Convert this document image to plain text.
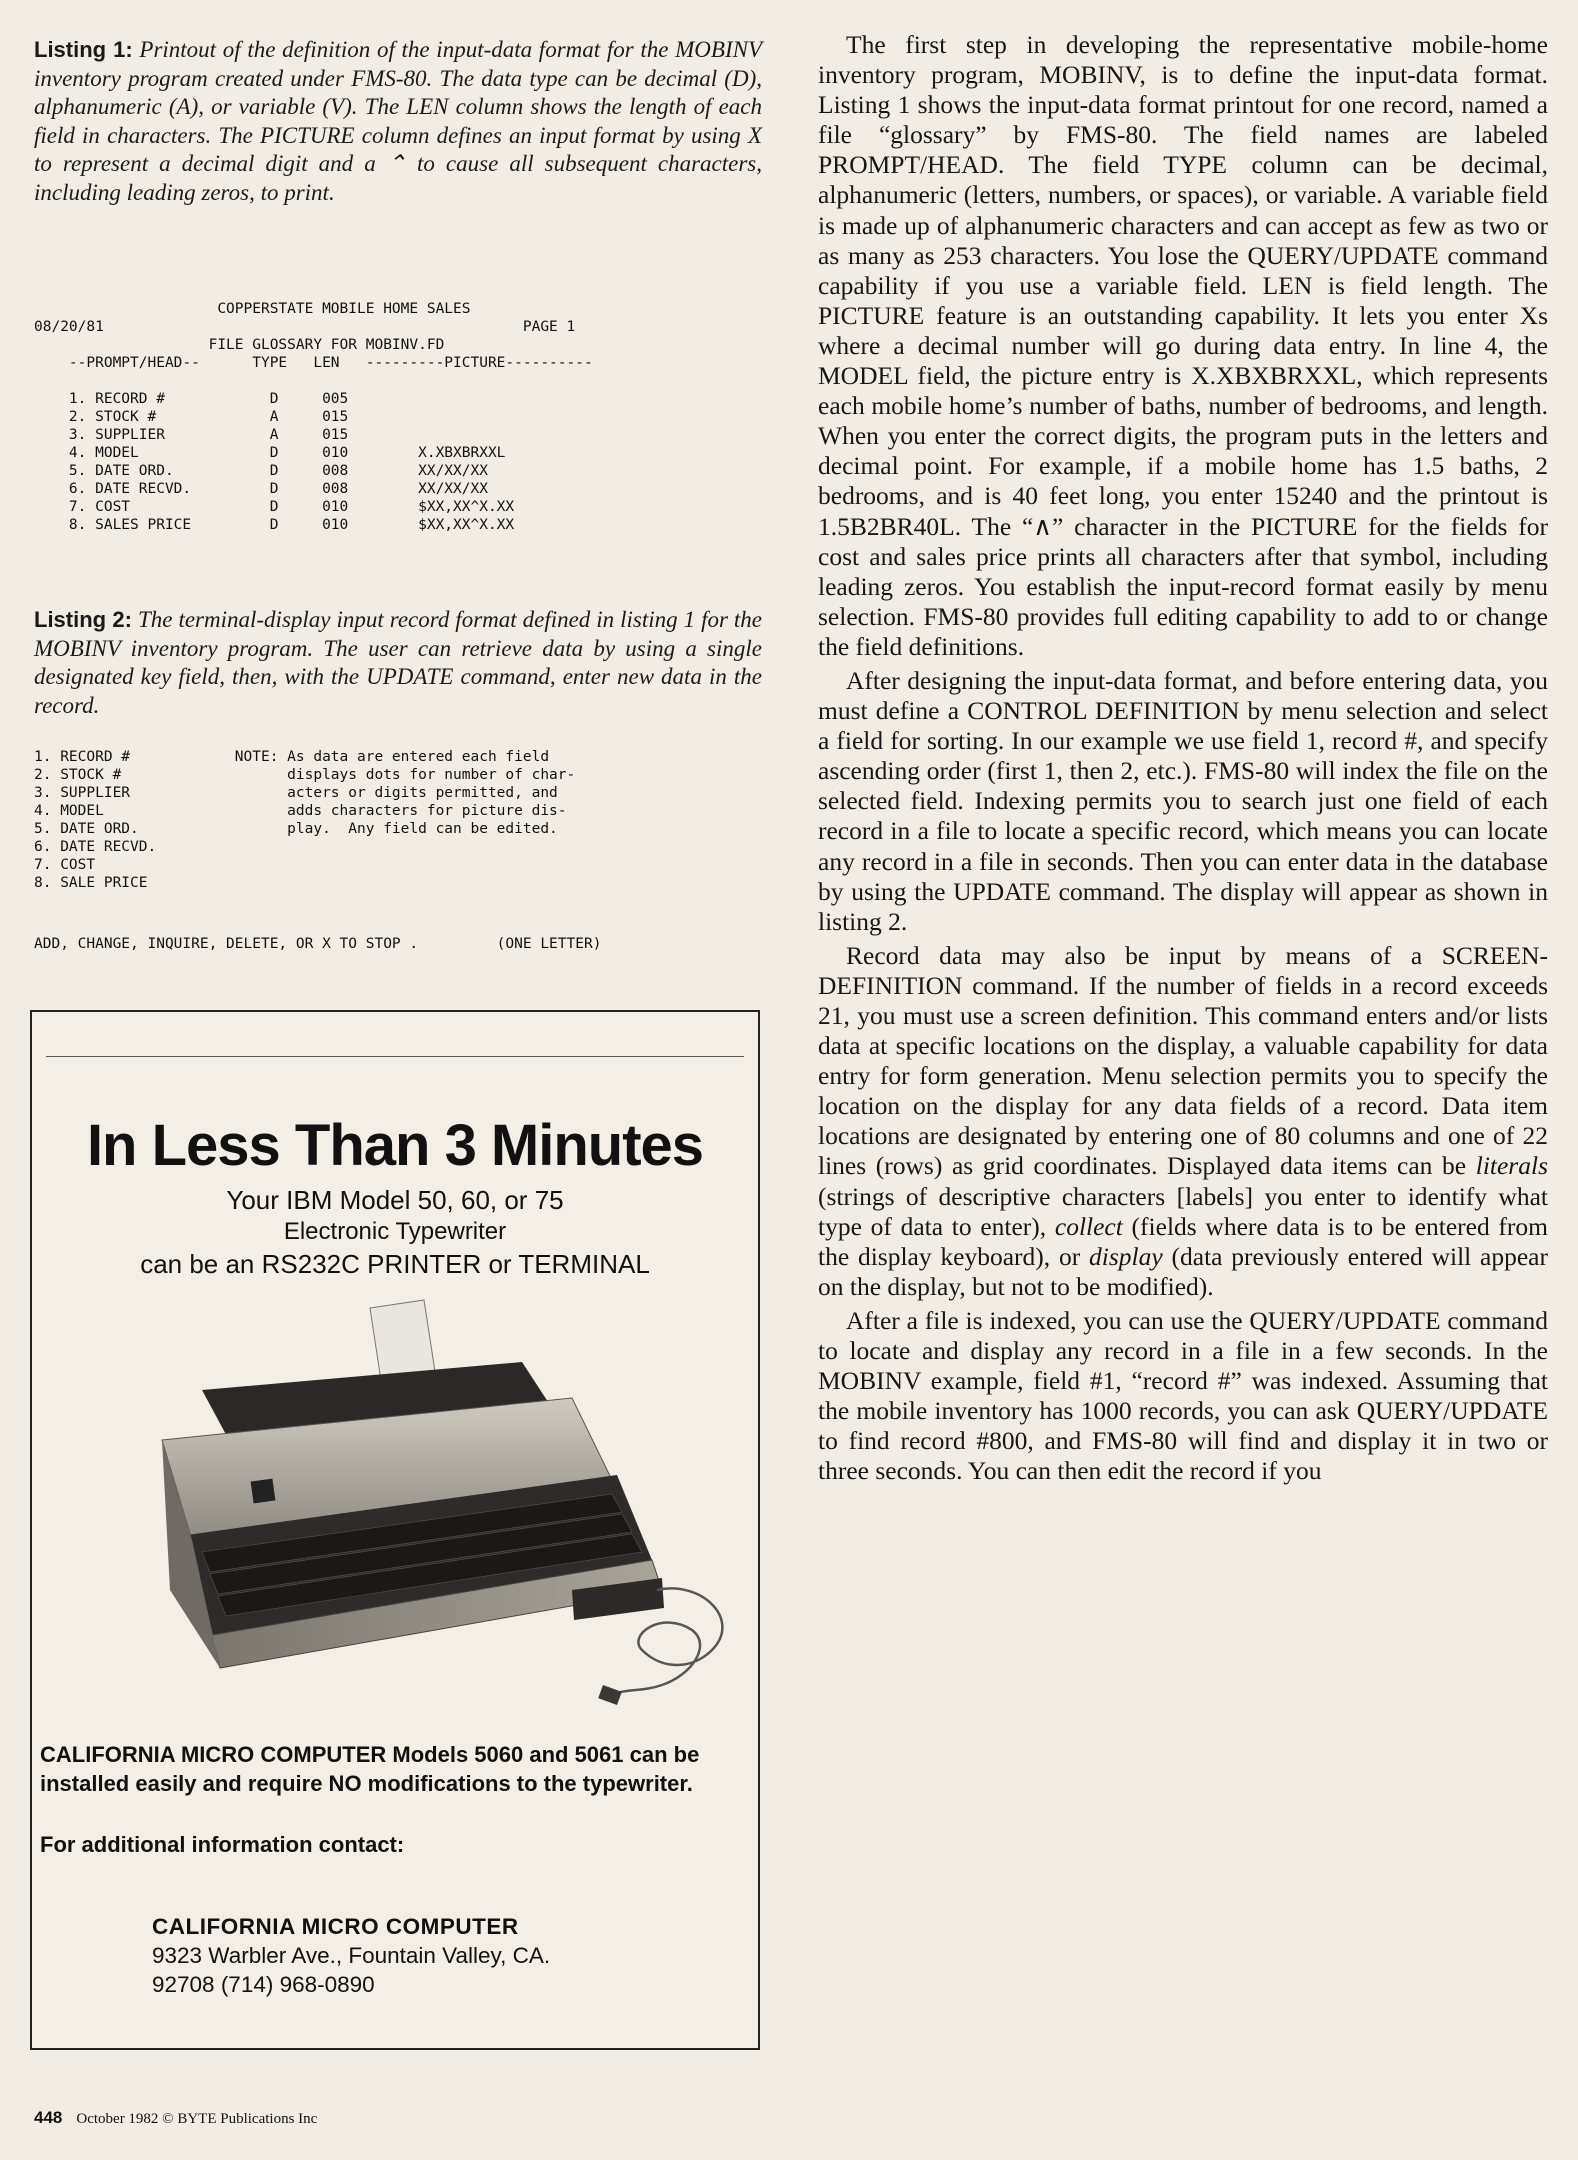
Listing 1: Printout of the definition of the input-data format for the MOBINV inventory program created under FMS-80. The data type can be decimal (D), alphanumeric (A), or variable (V). The LEN column shows the length of each field in characters. The PICTURE column defines an input format by using X to represent a decimal digit and a ⌃ to cause all subsequent characters, including leading zeros, to print.

COPPERSTATE MOBILE HOME SALES
08/20/81                                                PAGE 1
FILE GLOSSARY FOR MOBINV.FD
--PROMPT/HEAD--      TYPE   LEN   ---------PICTURE----------

1. RECORD #            D     005
2. STOCK #             A     015
3. SUPPLIER            A     015
4. MODEL               D     010        X.XBXBRXXL
5. DATE ORD.           D     008        XX/XX/XX
6. DATE RECVD.         D     008        XX/XX/XX
7. COST                D     010        $XX,XX^X.XX
8. SALES PRICE         D     010        $XX,XX^X.XX

Listing 2: The terminal-display input record format defined in listing 1 for the MOBINV inventory program. The user can retrieve data by using a single designated key field, then, with the UPDATE command, enter new data in the record.

1. RECORD #            NOTE: As data are entered each field
2. STOCK #                   displays dots for number of char-
3. SUPPLIER                  acters or digits permitted, and
4. MODEL                     adds characters for picture dis-
5. DATE ORD.                 play.  Any field can be edited.
6. DATE RECVD.
7. COST
8. SALE PRICE
ADD, CHANGE, INQUIRE, DELETE, OR X TO STOP .         (ONE LETTER)
In Less Than 3 Minutes
Your IBM Model 50, 60, or 75
Electronic Typewriter
can be an RS232C PRINTER or TERMINAL

CALIFORNIA MICRO COMPUTER Models 5060 and 5061 can be installed easily and require NO modifications to the typewriter.

For additional information contact:
CALIFORNIA MICRO COMPUTER
9323 Warbler Ave., Fountain Valley, CA.
92708 (714) 968-0890
448 October 1982 © BYTE Publications Inc

The first step in developing the representative mobile-home inventory program, MOBINV, is to define the input-data format. Listing 1 shows the input-data format printout for one record, named a file “glossary” by FMS-80. The field names are labeled PROMPT/HEAD. The field TYPE column can be decimal, alphanumeric (letters, numbers, or spaces), or variable. A variable field is made up of alphanumeric characters and can accept as few as two or as many as 253 characters. You lose the QUERY/UPDATE command capability if you use a variable field. LEN is field length. The PICTURE feature is an outstanding capability. It lets you enter Xs where a decimal number will go during data entry. In line 4, the MODEL field, the picture entry is X.XBXBRXXL, which represents each mobile home’s number of baths, number of bedrooms, and length. When you enter the correct digits, the program puts in the letters and decimal point. For example, if a mobile home has 1.5 baths, 2 bedrooms, and is 40 feet long, you enter 15240 and the printout is 1.5B2BR40L. The “∧” character in the PICTURE for the fields for cost and sales price prints all characters after that symbol, including leading zeros. You establish the input-record format easily by menu selection. FMS-80 provides full editing capability to add to or change the field definitions.

After designing the input-data format, and before entering data, you must define a CONTROL DEFINITION by menu selection and select a field for sorting. In our example we use field 1, record #, and specify ascending order (first 1, then 2, etc.). FMS-80 will index the file on the selected field. Indexing permits you to search just one field of each record in a file to locate a specific record, which means you can locate any record in a file in seconds. Then you can enter data in the database by using the UPDATE command. The display will appear as shown in listing 2.

Record data may also be input by means of a SCREEN-DEFINITION command. If the number of fields in a record exceeds 21, you must use a screen definition. This command enters and/or lists data at specific locations on the display, a valuable capability for data entry for form generation. Menu selection permits you to specify the location on the display for any data fields of a record. Data item locations are designated by entering one of 80 columns and one of 22 lines (rows) as grid coordinates. Displayed data items can be literals (strings of descriptive characters [labels] you enter to identify what type of data to enter), collect (fields where data is to be entered from the display keyboard), or display (data previously entered will appear on the display, but not to be modified).

After a file is indexed, you can use the QUERY/UPDATE command to locate and display any record in a file in a few seconds. In the MOBINV example, field #1, “record #” was indexed. Assuming that the mobile inventory has 1000 records, you can ask QUERY/UPDATE to find record #800, and FMS-80 will find and display it in two or three seconds. You can then edit the record if you
